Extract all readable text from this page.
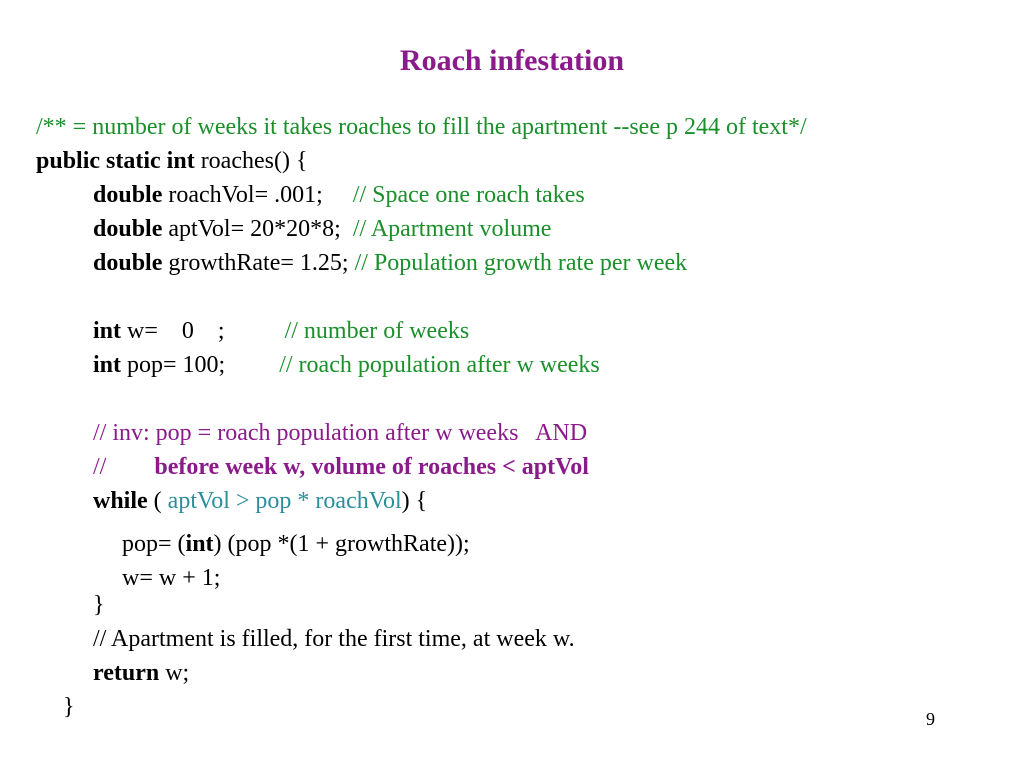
Roach infestation
/** = number of weeks it takes roaches to fill the apartment --see p 244 of text*/
public static int roaches() {
double roachVol= .001;     // Space one roach takes
double aptVol= 20*20*8;  // Apartment volume
double growthRate= 1.25; // Population growth rate per week
int w=    0    ;          // number of weeks
int pop= 100;         // roach population after w weeks
// inv: pop = roach population after w weeks   AND
//        before week w, volume of roaches < aptVol
while ( aptVol > pop * roachVol) {
pop= (int) (pop *(1 + growthRate));
w= w + 1;
}
// Apartment is filled, for the first time, at week w.
return w;
}	9
